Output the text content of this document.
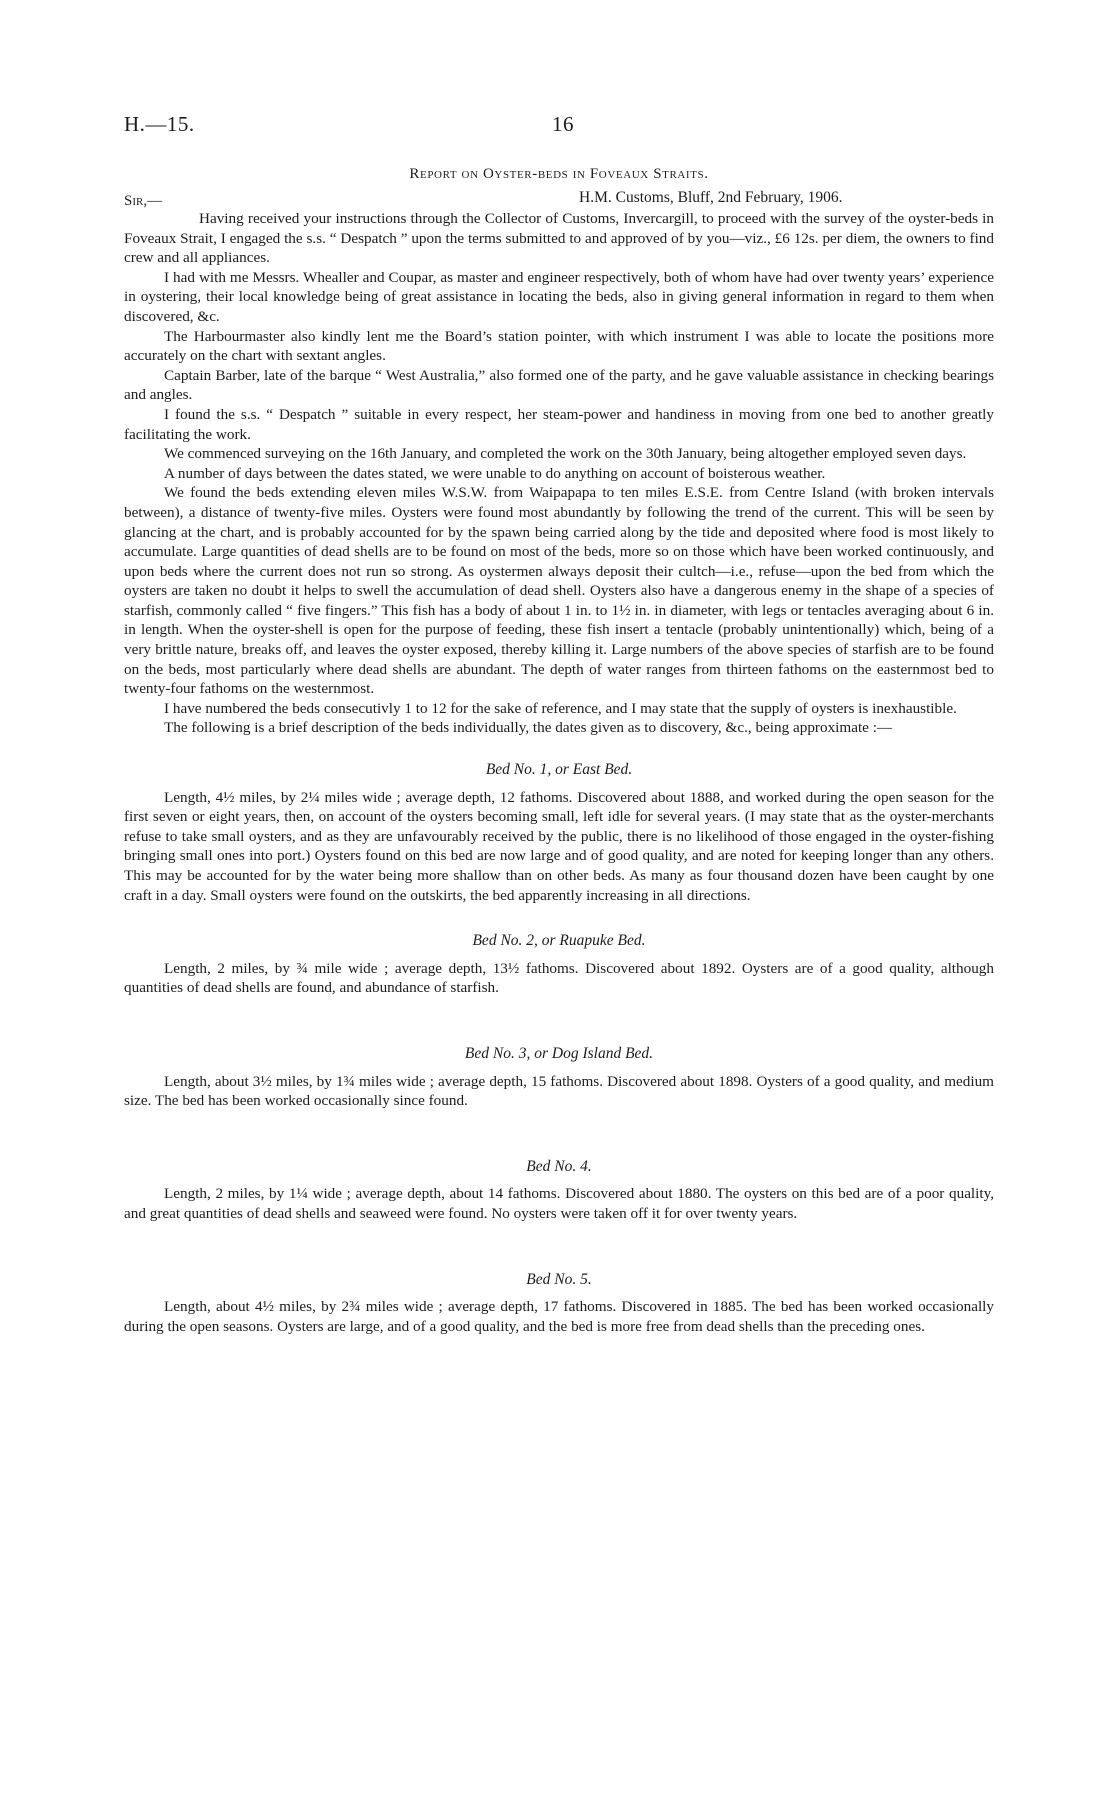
H.—15.	16
Report on Oyster-beds in Foveaux Straits.
Sir,—	H.M. Customs, Bluff, 2nd February, 1906.

Having received your instructions through the Collector of Customs, Invercargill, to proceed with the survey of the oyster-beds in Foveaux Strait, I engaged the s.s. “ Despatch ” upon the terms submitted to and approved of by you—viz., £6 12s. per diem, the owners to find crew and all appliances.

I had with me Messrs. Whealler and Coupar, as master and engineer respectively, both of whom have had over twenty years’ experience in oystering, their local knowledge being of great assistance in locating the beds, also in giving general information in regard to them when discovered, &c.

The Harbourmaster also kindly lent me the Board’s station pointer, with which instrument I was able to locate the positions more accurately on the chart with sextant angles.

Captain Barber, late of the barque “ West Australia,” also formed one of the party, and he gave valuable assistance in checking bearings and angles.

I found the s.s. “ Despatch ” suitable in every respect, her steam-power and handiness in moving from one bed to another greatly facilitating the work.

We commenced surveying on the 16th January, and completed the work on the 30th January, being altogether employed seven days.

A number of days between the dates stated, we were unable to do anything on account of boisterous weather.

We found the beds extending eleven miles W.S.W. from Waipapapa to ten miles E.S.E. from Centre Island (with broken intervals between), a distance of twenty-five miles. Oysters were found most abundantly by following the trend of the current. This will be seen by glancing at the chart, and is probably accounted for by the spawn being carried along by the tide and deposited where food is most likely to accumulate. Large quantities of dead shells are to be found on most of the beds, more so on those which have been worked continuously, and upon beds where the current does not run so strong. As oystermen always deposit their cultch—i.e., refuse—upon the bed from which the oysters are taken no doubt it helps to swell the accumulation of dead shell. Oysters also have a dangerous enemy in the shape of a species of starfish, commonly called “ five fingers.” This fish has a body of about 1 in. to 1½ in. in diameter, with legs or tentacles averaging about 6 in. in length. When the oyster-shell is open for the purpose of feeding, these fish insert a tentacle (probably unintentionally) which, being of a very brittle nature, breaks off, and leaves the oyster exposed, thereby killing it. Large numbers of the above species of starfish are to be found on the beds, most particularly where dead shells are abundant. The depth of water ranges from thirteen fathoms on the easternmost bed to twenty-four fathoms on the westernmost.

I have numbered the beds consecutivly 1 to 12 for the sake of reference, and I may state that the supply of oysters is inexhaustible.

The following is a brief description of the beds individually, the dates given as to discovery, &c., being approximate :—

Bed No. 1, or East Bed.

Length, 4½ miles, by 2¼ miles wide ; average depth, 12 fathoms. Discovered about 1888, and worked during the open season for the first seven or eight years, then, on account of the oysters becoming small, left idle for several years. (I may state that as the oyster-merchants refuse to take small oysters, and as they are unfavourably received by the public, there is no likelihood of those engaged in the oyster-fishing bringing small ones into port.) Oysters found on this bed are now large and of good quality, and are noted for keeping longer than any others. This may be accounted for by the water being more shallow than on other beds. As many as four thousand dozen have been caught by one craft in a day. Small oysters were found on the outskirts, the bed apparently increasing in all directions.

Bed No. 2, or Ruapuke Bed.

Length, 2 miles, by ¾ mile wide ; average depth, 13½ fathoms. Discovered about 1892. Oysters are of a good quality, although quantities of dead shells are found, and abundance of starfish.

Bed No. 3, or Dog Island Bed.

Length, about 3½ miles, by 1¾ miles wide ; average depth, 15 fathoms. Discovered about 1898. Oysters of a good quality, and medium size. The bed has been worked occasionally since found.

Bed No. 4.

Length, 2 miles, by 1¼ wide ; average depth, about 14 fathoms. Discovered about 1880. The oysters on this bed are of a poor quality, and great quantities of dead shells and seaweed were found. No oysters were taken off it for over twenty years.

Bed No. 5.

Length, about 4½ miles, by 2¾ miles wide ; average depth, 17 fathoms. Discovered in 1885. The bed has been worked occasionally during the open seasons. Oysters are large, and of a good quality, and the bed is more free from dead shells than the preceding ones.
